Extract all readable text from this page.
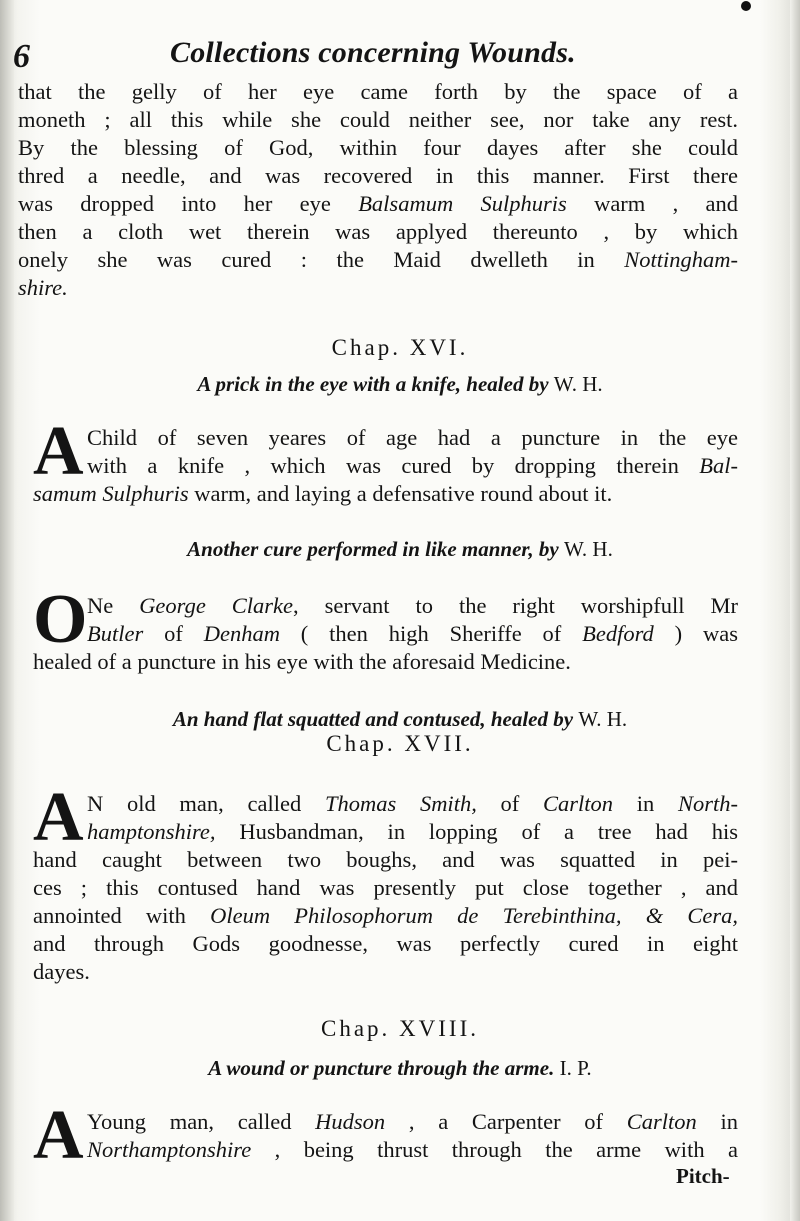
6	Collections concerning Wounds.
that the gelly of her eye came forth by the space of a
moneth ; all this while she could neither see, nor take any rest.
By the blessing of God, within four dayes after she could
thred a needle, and was recovered in this manner. First there
was dropped into her eye Balsamum Sulphuris warm , and
then a cloth wet therein was applyed thereunto , by which
onely she was cured : the Maid dwelleth in Nottingham-
shire.
Chap. XVI.
A prick in the eye with a knife, healed by W. H.
A Child of seven yeares of age had a puncture in the eye
with a knife , which was cured by dropping therein Bal-
samum Sulphuris warm, and laying a defensative round about it.
Another cure performed in like manner, by W. H.
O Ne George Clarke, servant to the right worshipfull Mr
Butler of Denham ( then high Sheriffe of Bedford ) was
healed of a puncture in his eye with the aforesaid Medicine.
An hand flat squatted and contused, healed by W. H.
Chap. XVII.
A N old man, called Thomas Smith, of Carlton in North-
hamptonshire, Husbandman, in lopping of a tree had his
hand caught between two boughs, and was squatted in pei-
ces ; this contused hand was presently put close together , and
annointed with Oleum Philosophorum de Terebinthina, & Cera,
and through Gods goodnesse, was perfectly cured in eight
dayes.
Chap. XVIII.
A wound or puncture through the arme. I. P.
A Young man, called Hudson , a Carpenter of Carlton in
Northamptonshire , being thrust through the arme with a
Pitch-
